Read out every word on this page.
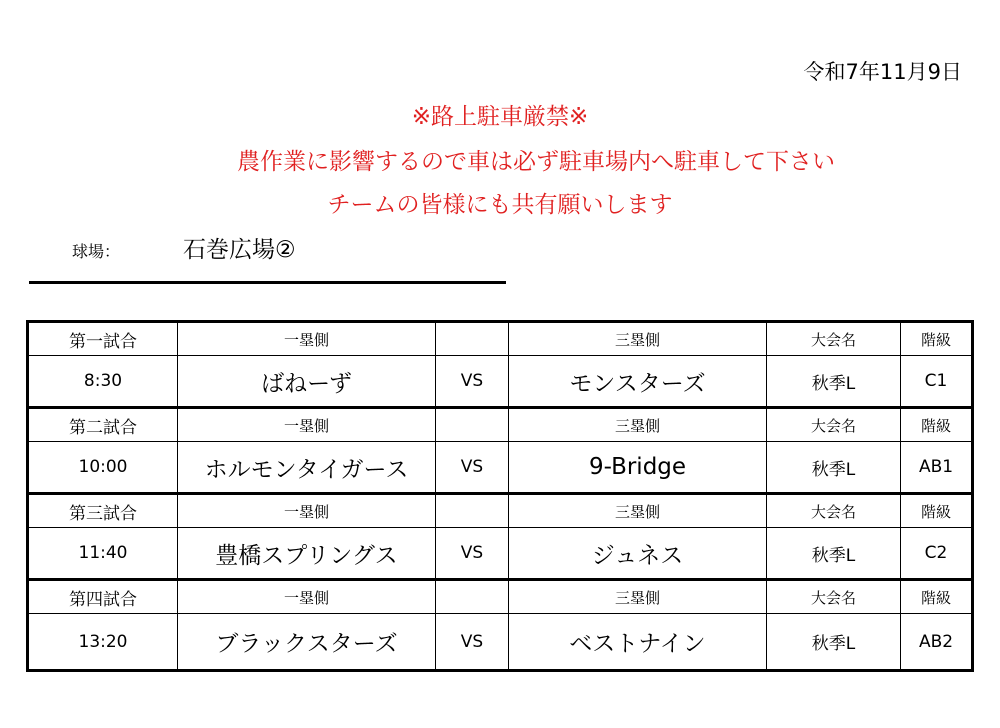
令和7年11月9日
※路上駐車厳禁※
農作業に影響するので車は必ず駐車場内へ駐車して下さい
チームの皆様にも共有願いします
球場：	石巻広場②
第一試合	一塁側		三塁側	大会名	階級
8:30	ばねーず	VS	モンスターズ	秋季L	C1
第二試合	一塁側		三塁側	大会名	階級
10:00	ホルモンタイガース	VS	9-Bridge	秋季L	AB1
第三試合	一塁側		三塁側	大会名	階級
11:40	豊橋スプリングス	VS	ジュネス	秋季L	C2
第四試合	一塁側		三塁側	大会名	階級
13:20	ブラックスターズ	VS	ベストナイン	秋季L	AB2
